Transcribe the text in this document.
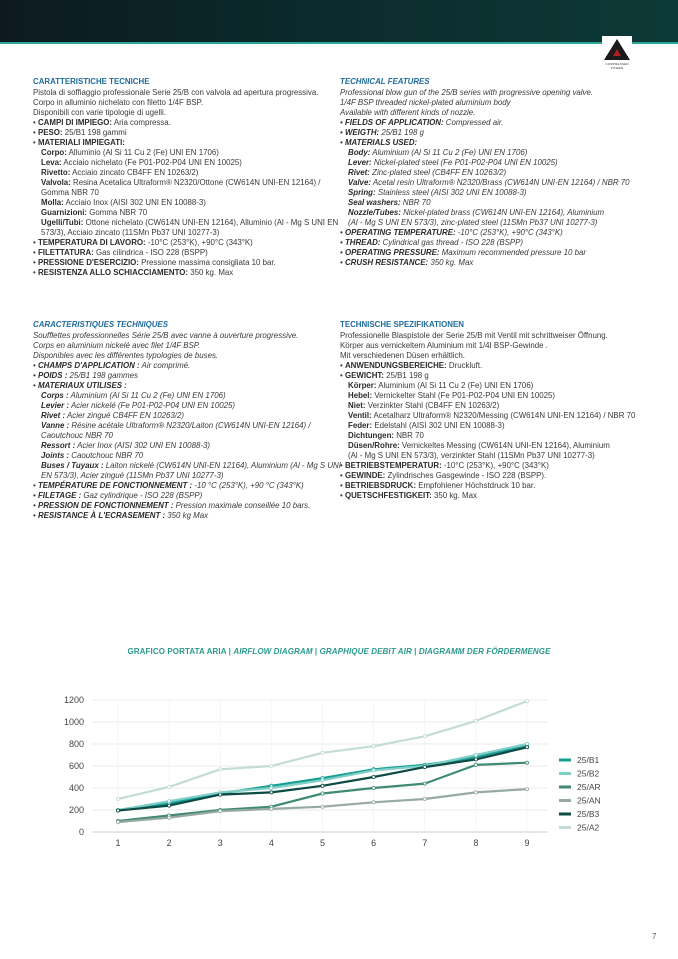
COMPRESSED POWER
CARATTERISTICHE TECNICHE
Pistola di soffiaggio professionale Serie 25/B con valvola ad apertura progressiva.
Corpo in alluminio nichelato con filetto 1/4F BSP.
Disponibili con varie tipologie di ugelli.
• CAMPI DI IMPIEGO: Aria compressa.
• PESO: 25/B1 198 gammi
• MATERIALI IMPIEGATI:
Corpo: Alluminio (Al Si 11 Cu 2 (Fe) UNI EN 1706)
Leva: Acciaio nichelato (Fe P01-P02-P04 UNI EN 10025)
Rivetto: Acciaio zincato CB4FF EN 10263/2)
Valvola: Resina Acetalica Ultraform® N2320/Ottone (CW614N UNI-EN 12164) /
Gomma NBR 70
Molla: Acciaio Inox (AISI 302 UNI EN 10088-3)
Guarnizioni: Gomma NBR 70
Ugelli/Tubi: Ottone nichelato (CW614N UNI-EN 12164), Alluminio (Al - Mg S UNI EN
573/3), Acciaio zincato (11SMn Pb37 UNI 10277-3)
• TEMPERATURA DI LAVORO: -10°C (253°K), +90°C (343°K)
• FILETTATURA: Gas cilindrica - ISO 228 (BSPP)
• PRESSIONE D'ESERCIZIO: Pressione massima consigliata 10 bar.
• RESISTENZA ALLO SCHIACCIAMENTO: 350 kg. Max
TECHNICAL FEATURES
Professional blow gun of the 25/B series with progressive opening valve.
1/4F BSP threaded nickel-plated aluminium body
Available with different kinds of nozzle.
• FIELDS OF APPLICATION: Compressed air.
• WEIGTH: 25/B1 198 g
• MATERIALS USED:
Body: Aluminium (Al Si 11 Cu 2 (Fe) UNI EN 1706)
Lever: Nickel-plated steel (Fe P01-P02-P04 UNI EN 10025)
Rivet: Zinc-plated steel (CB4FF EN 10263/2)
Valve: Acetal resin Ultraform® N2320/Brass (CW614N UNI-EN 12164) / NBR 70
Spring: Stainless steel (AISI 302 UNI EN 10088-3)
Seal washers: NBR 70
Nozzle/Tubes: Nickel-plated brass (CW614N UNI-EN 12164), Aluminium
(Al - Mg S UNI EN 573/3), zinc-plated steel (11SMn Pb37 UNI 10277-3)
• OPERATING TEMPERATURE: -10°C (253°K), +90°C (343°K)
• THREAD: Cylindrical gas thread - ISO 228 (BSPP)
• OPERATING PRESSURE: Maximum recommended pressure 10 bar
• CRUSH RESISTANCE: 350 kg. Max
CARACTERISTIQUES TECHNIQUES
Soufflettes professionnelles Série 25/B avec vanne à ouverture progressive.
Corps en aluminium nickelé avec filet 1/4F BSP.
Disponibles avec les différentes typologies de buses.
• CHAMPS D'APPLICATION : Air comprimé.
• POIDS : 25/B1 198 gammes
• MATERIAUX UTILISES :
Corps : Aluminium (Al Si 11 Cu 2 (Fe) UNI EN 1706)
Levier : Acier nickelé (Fe P01-P02-P04 UNI EN 10025)
Rivet : Acier zingué CB4FF EN 10263/2)
Vanne : Résine acétale Ultraform® N2320/Laiton (CW614N UNI-EN 12164) /
Caoutchouc NBR 70
Ressort : Acier Inox (AISI 302 UNI EN 10088-3)
Joints : Caoutchouc NBR 70
Buses / Tuyaux : Laiton nickelé (CW614N UNI-EN 12164), Aluminium (Al - Mg S UNI
EN 573/3), Acier zingué (11SMn Pb37 UNI 10277-3)
• TEMPÉRATURE DE FONCTIONNEMENT : -10 °C (253°K), +90 °C (343°K)
• FILETAGE : Gaz cylindrique - ISO 228 (BSPP)
• PRESSION DE FONCTIONNEMENT : Pression maximale conseillée 10 bars.
• RESISTANCE À L'ECRASEMENT : 350 kg Max
TECHNISCHE SPEZIFIKATIONEN
Professionelle Blaspistole der Serie 25/B mit Ventil mit schrittweiser Öffnung.
Körper aus vernickeltem Aluminium mit 1/4I BSP-Gewinde .
Mit verschiedenen Düsen erhältlich.
• ANWENDUNGSBEREICHE: Druckluft.
• GEWICHT: 25/B1 198 g
Körper: Aluminium (Al Si 11 Cu 2 (Fe) UNI EN 1706)
Hebel: Vernickelter Stahl (Fe P01-P02-P04 UNI EN 10025)
Niet: Verzinkter Stahl (CB4FF EN 10263/2)
Ventil: Acetalharz Ultraform® N2320/Messing (CW614N UNI-EN 12164) / NBR 70
Feder: Edelstahl (AISI 302 UNI EN 10088-3)
Dichtungen: NBR 70
Düsen/Rohre: Vernickeltes Messing (CW614N UNI-EN 12164), Aluminium
(Al - Mg S UNI EN 573/3), verzinkter Stahl (11SMn Pb37 UNI 10277-3)
• BETRIEBSTEMPERATUR: -10°C (253°K), +90°C (343°K)
• GEWINDE: Zylindrisches Gasgewinde - ISO 228 (BSPP).
• BETRIEBSDRUCK: Empfohlener Höchstdruck 10 bar.
• QUETSCHFESTIGKEIT: 350 kg. Max
GRAFICO PORTATA ARIA | AIRFLOW DIAGRAM | GRAPHIQUE DEBIT AIR | DIAGRAMM DER FÖRDERMENGE
0
200
400
600
800
1000
1200
1	2	3	4	5	6	7	8	9
25/B1
25/B2
25/AR
25/AN
25/B3
25/A2
7
